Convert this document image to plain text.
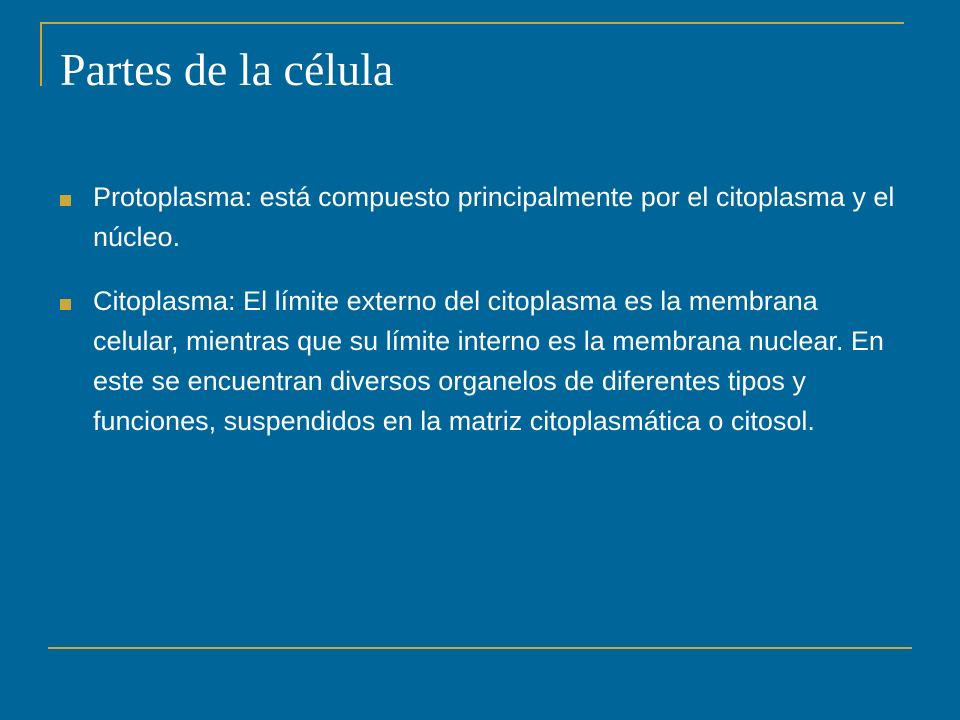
Partes de la célula
Protoplasma: está compuesto principalmente por el citoplasma y el núcleo.
Citoplasma: El límite externo del citoplasma es la membrana celular, mientras que su límite interno es la membrana nuclear. En este se encuentran diversos organelos de diferentes tipos y funciones, suspendidos en la matriz citoplasmática o citosol.
